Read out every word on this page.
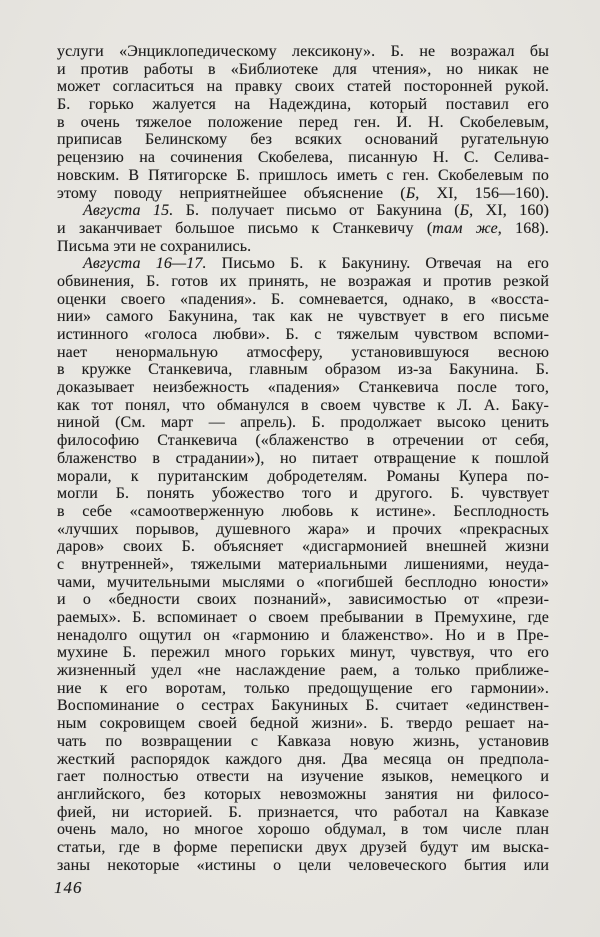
услуги «Энциклопедическому лексикону». Б. не возражал бы
и против работы в «Библиотеке для чтения», но никак не
может согласиться на правку своих статей посторонней рукой.
Б. горько жалуется на Надеждина, который поставил его
в очень тяжелое положение перед ген. И. Н. Скобелевым,
приписав Белинскому без всяких оснований ругательную
рецензию на сочинения Скобелева, писанную Н. С. Селива-
новским. В Пятигорске Б. пришлось иметь с ген. Скобелевым по
этому поводу неприятнейшее объяснение (Б, XI, 156—160).
Августа 15. Б. получает письмо от Бакунина (Б, XI, 160)
и заканчивает большое письмо к Станкевичу (там же, 168).
Письма эти не сохранились.
Августа 16—17. Письмо Б. к Бакунину. Отвечая на его
обвинения, Б. готов их принять, не возражая и против резкой
оценки своего «падения». Б. сомневается, однако, в «восста-
нии» самого Бакунина, так как не чувствует в его письме
истинного «голоса любви». Б. с тяжелым чувством вспоми-
нает ненормальную атмосферу, установившуюся весною
в кружке Станкевича, главным образом из-за Бакунина. Б.
доказывает неизбежность «падения» Станкевича после того,
как тот понял, что обманулся в своем чувстве к Л. А. Баку-
ниной (См. март — апрель). Б. продолжает высоко ценить
философию Станкевича («блаженство в отречении от себя,
блаженство в страдании»), но питает отвращение к пошлой
морали, к пуританским добродетелям. Романы Купера по-
могли Б. понять убожество того и другого. Б. чувствует
в себе «самоотверженную любовь к истине». Бесплодность
«лучших порывов, душевного жара» и прочих «прекрасных
даров» своих Б. объясняет «дисгармонией внешней жизни
с внутренней», тяжелыми материальными лишениями, неуда-
чами, мучительными мыслями о «погибшей бесплодно юности»
и о «бедности своих познаний», зависимостью от «прези-
раемых». Б. вспоминает о своем пребывании в Премухине, где
ненадолго ощутил он «гармонию и блаженство». Но и в Пре-
мухине Б. пережил много горьких минут, чувствуя, что его
жизненный удел «не наслаждение раем, а только приближе-
ние к его воротам, только предощущение его гармонии».
Воспоминание о сестрах Бакуниных Б. считает «единствен-
ным сокровищем своей бедной жизни». Б. твердо решает на-
чать по возвращении с Кавказа новую жизнь, установив
жесткий распорядок каждого дня. Два месяца он предпола-
гает полностью отвести на изучение языков, немецкого и
английского, без которых невозможны занятия ни филосо-
фией, ни историей. Б. признается, что работал на Кавказе
очень мало, но многое хорошо обдумал, в том числе план
статьи, где в форме переписки двух друзей будут им выска-
заны некоторые «истины о цели человеческого бытия или
146
